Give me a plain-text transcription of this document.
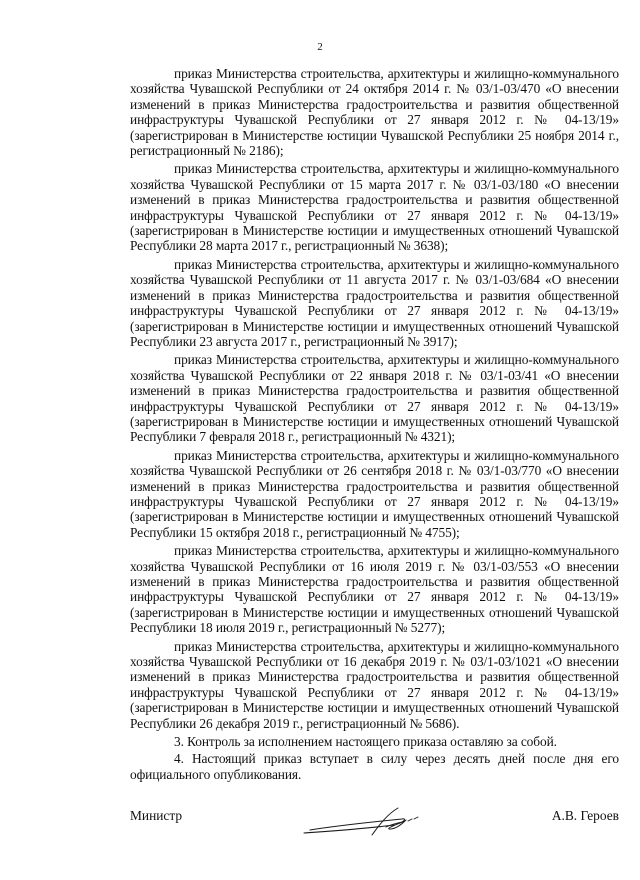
2

приказ Министерства строительства, архитектуры и жилищно-коммунального хозяйства Чувашской Республики от 24 октября 2014 г. № 03/1-03/470 «О внесении изменений в приказ Министерства градостроительства и развития общественной инфраструктуры Чувашской Республики от 27 января 2012 г. № 04-13/19» (зарегистрирован в Министерстве юстиции Чувашской Республики 25 ноября 2014 г., регистрационный № 2186);

приказ Министерства строительства, архитектуры и жилищно-коммунального хозяйства Чувашской Республики от 15 марта 2017 г. № 03/1-03/180 «О внесении изменений в приказ Министерства градостроительства и развития общественной инфраструктуры Чувашской Республики от 27 января 2012 г. № 04-13/19» (зарегистрирован в Министерстве юстиции и имущественных отношений Чувашской Республики 28 марта 2017 г., регистрационный № 3638);

приказ Министерства строительства, архитектуры и жилищно-коммунального хозяйства Чувашской Республики от 11 августа 2017 г. № 03/1-03/684 «О внесении изменений в приказ Министерства градостроительства и развития общественной инфраструктуры Чувашской Республики от 27 января 2012 г. № 04-13/19» (зарегистрирован в Министерстве юстиции и имущественных отношений Чувашской Республики 23 августа 2017 г., регистрационный № 3917);

приказ Министерства строительства, архитектуры и жилищно-коммунального хозяйства Чувашской Республики от 22 января 2018 г. № 03/1-03/41 «О внесении изменений в приказ Министерства градостроительства и развития общественной инфраструктуры Чувашской Республики от 27 января 2012 г. № 04-13/19» (зарегистрирован в Министерстве юстиции и имущественных отношений Чувашской Республики 7 февраля 2018 г., регистрационный № 4321);

приказ Министерства строительства, архитектуры и жилищно-коммунального хозяйства Чувашской Республики от 26 сентября 2018 г. № 03/1-03/770 «О внесении изменений в приказ Министерства градостроительства и развития общественной инфраструктуры Чувашской Республики от 27 января 2012 г. № 04-13/19» (зарегистрирован в Министерстве юстиции и имущественных отношений Чувашской Республики 15 октября 2018 г., регистрационный № 4755);

приказ Министерства строительства, архитектуры и жилищно-коммунального хозяйства Чувашской Республики от 16 июля 2019 г. № 03/1-03/553 «О внесении изменений в приказ Министерства градостроительства и развития общественной инфраструктуры Чувашской Республики от 27 января 2012 г. № 04-13/19» (зарегистрирован в Министерстве юстиции и имущественных отношений Чувашской Республики 18 июля 2019 г., регистрационный № 5277);

приказ Министерства строительства, архитектуры и жилищно-коммунального хозяйства Чувашской Республики от 16 декабря 2019 г. № 03/1-03/1021 «О внесении изменений в приказ Министерства градостроительства и развития общественной инфраструктуры Чувашской Республики от 27 января 2012 г. № 04-13/19» (зарегистрирован в Министерстве юстиции и имущественных отношений Чувашской Республики 26 декабря 2019 г., регистрационный № 5686).

3. Контроль за исполнением настоящего приказа оставляю за собой.

4. Настоящий приказ вступает в силу через десять дней после дня его официального опубликования.

Министр	А.В. Героев
